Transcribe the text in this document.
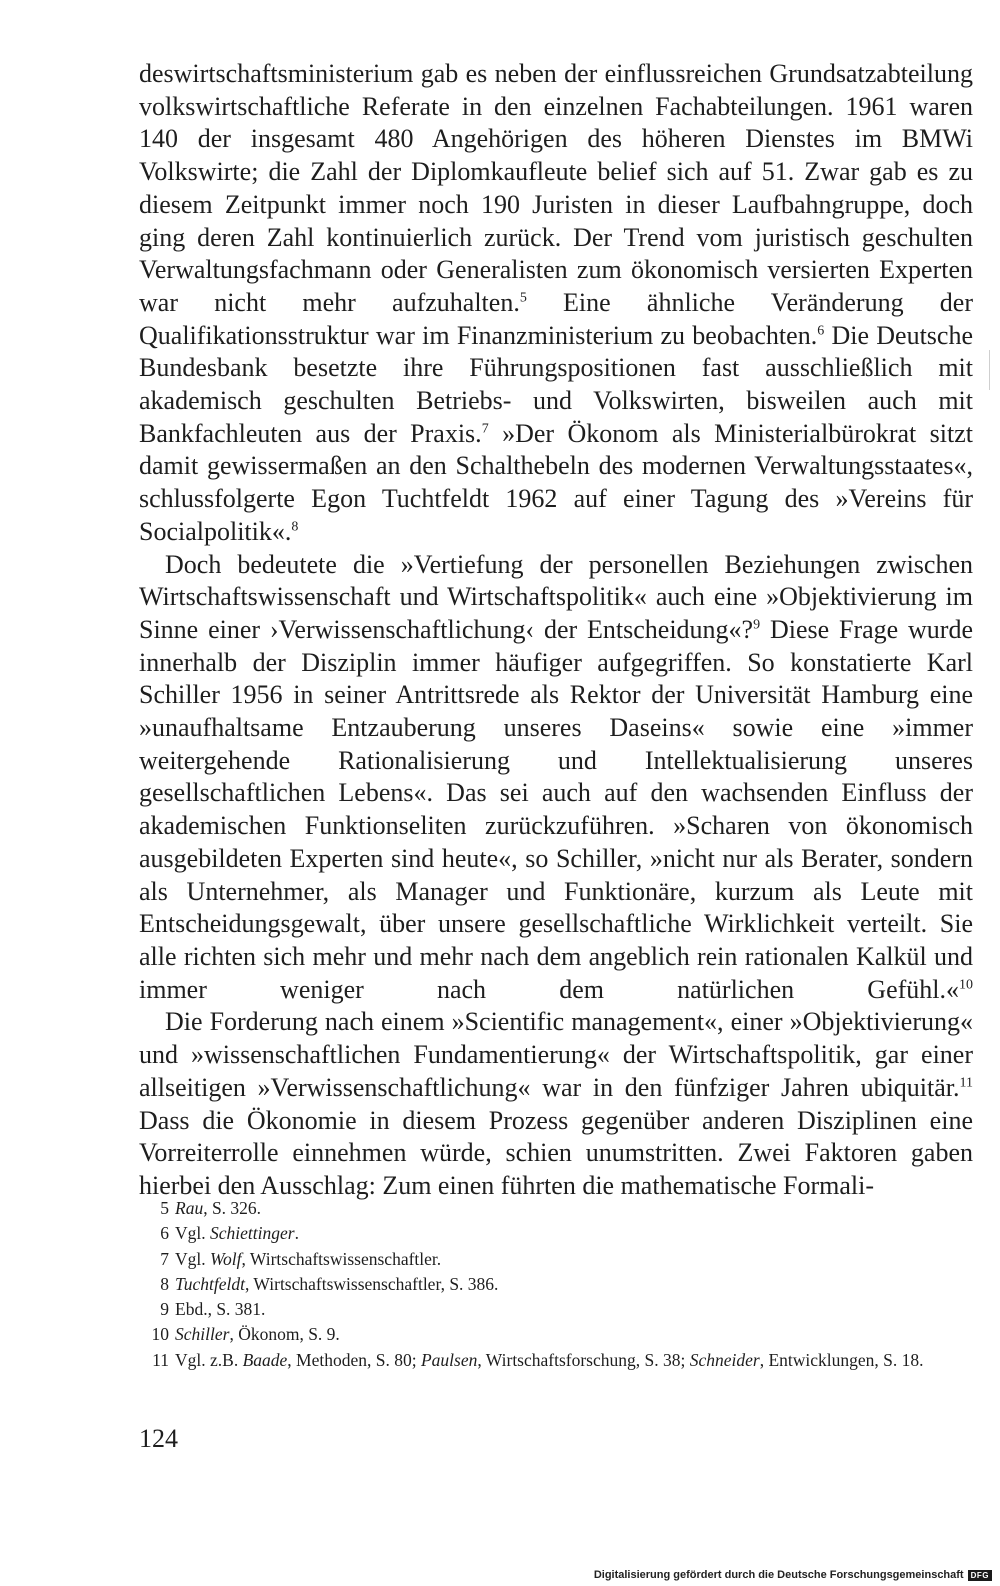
deswirtschaftsministerium gab es neben der einflussreichen Grundsatzabteilung volkswirtschaftliche Referate in den einzelnen Fachabteilungen. 1961 waren 140 der insgesamt 480 Angehörigen des höheren Dienstes im BMWi Volkswirte; die Zahl der Diplomkaufleute belief sich auf 51. Zwar gab es zu diesem Zeitpunkt immer noch 190 Juristen in dieser Laufbahngruppe, doch ging deren Zahl kontinuierlich zurück. Der Trend vom juristisch geschulten Verwaltungsfachmann oder Generalisten zum ökonomisch versierten Experten war nicht mehr aufzuhalten.$^5$ Eine ähnliche Veränderung der Qualifikationsstruktur war im Finanzministerium zu beobachten.$^6$ Die Deutsche Bundesbank besetzte ihre Führungspositionen fast ausschließlich mit akademisch geschulten Betriebs- und Volkswirten, bisweilen auch mit Bankfachleuten aus der Praxis.$^7$ »Der Ökonom als Ministerialbürokrat sitzt damit gewissermaßen an den Schalthebeln des modernen Verwaltungsstaates«, schlussfolgerte Egon Tuchtfeldt 1962 auf einer Tagung des »Vereins für Socialpolitik«.$^8$

Doch bedeutete die »Vertiefung der personellen Beziehungen zwischen Wirtschaftswissenschaft und Wirtschaftspolitik« auch eine »Objektivierung im Sinne einer ›Verwissenschaftlichung‹ der Entscheidung«?$^9$ Diese Frage wurde innerhalb der Disziplin immer häufiger aufgegriffen. So konstatierte Karl Schiller 1956 in seiner Antrittsrede als Rektor der Universität Hamburg eine »unaufhaltsame Entzauberung unseres Daseins« sowie eine »immer weitergehende Rationalisierung und Intellektualisierung unseres gesellschaftlichen Lebens«. Das sei auch auf den wachsenden Einfluss der akademischen Funktionseliten zurückzuführen. »Scharen von ökonomisch ausgebildeten Experten sind heute«, so Schiller, »nicht nur als Berater, sondern als Unternehmer, als Manager und Funktionäre, kurzum als Leute mit Entscheidungsgewalt, über unsere gesellschaftliche Wirklichkeit verteilt. Sie alle richten sich mehr und mehr nach dem angeblich rein rationalen Kalkül und immer weniger nach dem natürlichen Gefühl.«$^{10}$

Die Forderung nach einem »Scientific management«, einer »Objektivierung« und »wissenschaftlichen Fundamentierung« der Wirtschaftspolitik, gar einer allseitigen »Verwissenschaftlichung« war in den fünfziger Jahren ubiquitär.$^{11}$ Dass die Ökonomie in diesem Prozess gegenüber anderen Disziplinen eine Vorreiterrolle einnehmen würde, schien unumstritten. Zwei Faktoren gaben hierbei den Ausschlag: Zum einen führten die mathematische Formali-

5 Rau, S. 326.

6 Vgl. Schiettinger.

7 Vgl. Wolf, Wirtschaftswissenschaftler.

8 Tuchtfeldt, Wirtschaftswissenschaftler, S. 386.

9 Ebd., S. 381.

10 Schiller, Ökonom, S. 9.

11 Vgl. z.B. Baade, Methoden, S. 80; Paulsen, Wirtschaftsforschung, S. 38; Schneider, Entwicklungen, S. 18.

124
Digitalisierung gefördert durch die Deutsche Forschungsgemeinschaft DFG
